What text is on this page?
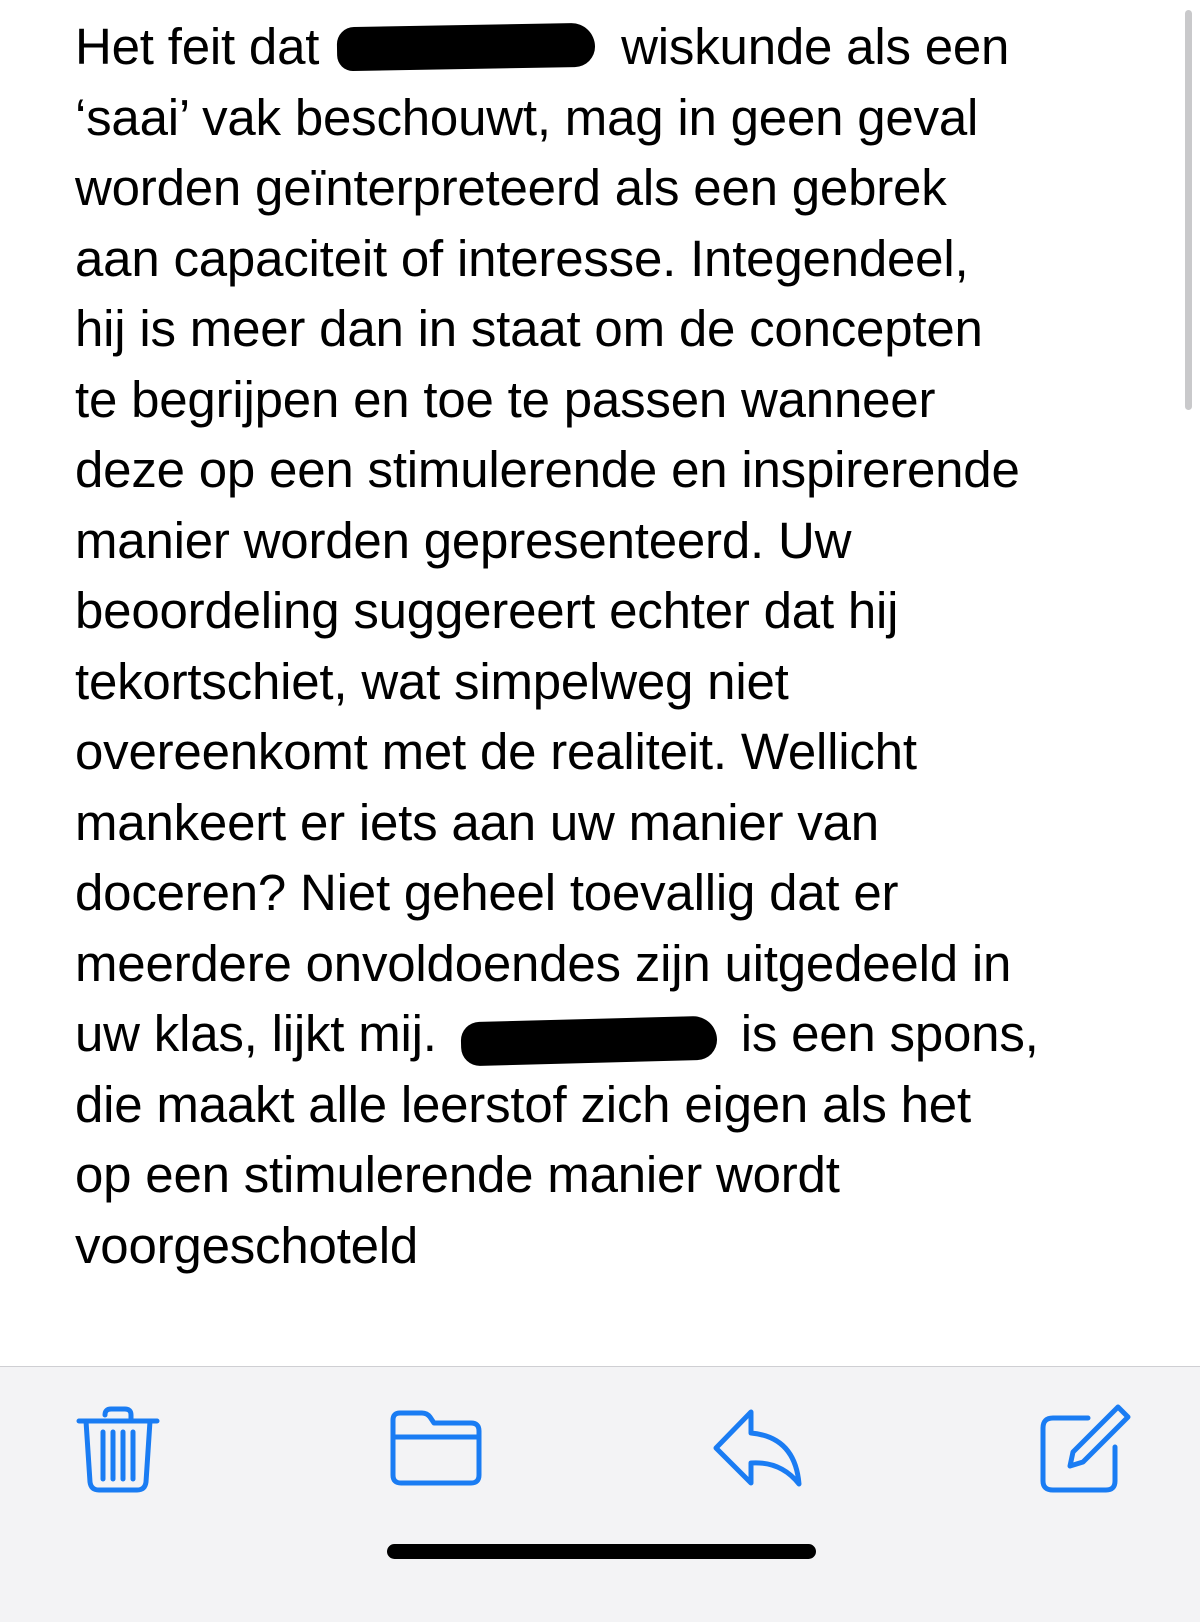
Het feit dat	wiskunde als een
‘saai’ vak beschouwt, mag in geen geval
worden geïnterpreteerd als een gebrek
aan capaciteit of interesse. Integendeel,
hij is meer dan in staat om de concepten
te begrijpen en toe te passen wanneer
deze op een stimulerende en inspirerende
manier worden gepresenteerd. Uw
beoordeling suggereert echter dat hij
tekortschiet, wat simpelweg niet
overeenkomt met de realiteit. Wellicht
mankeert er iets aan uw manier van
doceren? Niet geheel toevallig dat er
meerdere onvoldoendes zijn uitgedeeld in
uw klas, lijkt mij.	is een spons,
die maakt alle leerstof zich eigen als het
op een stimulerende manier wordt
voorgeschoteld
